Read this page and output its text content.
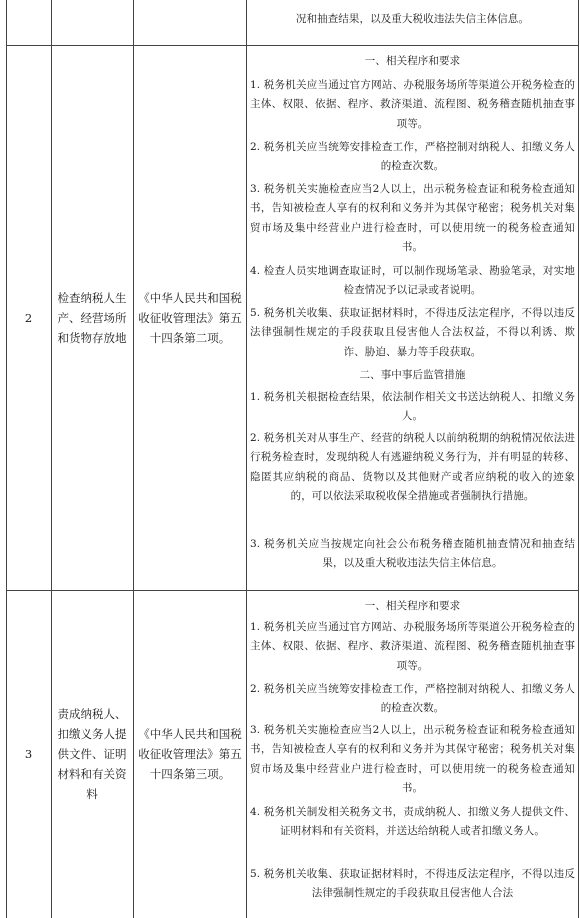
况和抽查结果，以及重大税收违法失信主体信息。
2
检查纳税人生产、经营场所和货物存放地
《中华人民共和国税收征收管理法》第五十四条第二项。
一、相关程序和要求
1. 税务机关应当通过官方网站、办税服务场所等渠道公开税务检查的主体、权限、依据、程序、救济渠道、流程图、税务稽查随机抽查事项等。
2. 税务机关应当统筹安排检查工作，严格控制对纳税人、扣缴义务人的检查次数。
3. 税务机关实施检查应当2人以上，出示税务检查证和税务检查通知书，告知被检查人享有的权利和义务并为其保守秘密；税务机关对集贸市场及集中经营业户进行检查时，可以使用统一的税务检查通知书。
4. 检查人员实地调查取证时，可以制作现场笔录、勘验笔录，对实地检查情况予以记录或者说明。
5. 税务机关收集、获取证据材料时，不得违反法定程序，不得以违反法律强制性规定的手段获取且侵害他人合法权益，不得以利诱、欺诈、胁迫、暴力等手段获取。
二、事中事后监管措施
1. 税务机关根据检查结果，依法制作相关文书送达纳税人、扣缴义务人。
2. 税务机关对从事生产、经营的纳税人以前纳税期的纳税情况依法进行税务检查时，发现纳税人有逃避纳税义务行为，并有明显的转移、隐匿其应纳税的商品、货物以及其他财产或者应纳税的收入的迹象的，可以依法采取税收保全措施或者强制执行措施。
3. 税务机关应当按规定向社会公布税务稽查随机抽查情况和抽查结果，以及重大税收违法失信主体信息。
3
责成纳税人、扣缴义务人提供文件、证明材料和有关资料
《中华人民共和国税收征收管理法》第五十四条第三项。
一、相关程序和要求
1. 税务机关应当通过官方网站、办税服务场所等渠道公开税务检查的主体、权限、依据、程序、救济渠道、流程图、税务稽查随机抽查事项等。
2. 税务机关应当统筹安排检查工作，严格控制对纳税人、扣缴义务人的检查次数。
3. 税务机关实施检查应当2人以上，出示税务检查证和税务检查通知书，告知被检查人享有的权利和义务并为其保守秘密；税务机关对集贸市场及集中经营业户进行检查时，可以使用统一的税务检查通知书。
4. 税务机关制发相关税务文书，责成纳税人、扣缴义务人提供文件、证明材料和有关资料，并送达给纳税人或者扣缴义务人。
5. 税务机关收集、获取证据材料时，不得违反法定程序，不得以违反法律强制性规定的手段获取且侵害他人合法
